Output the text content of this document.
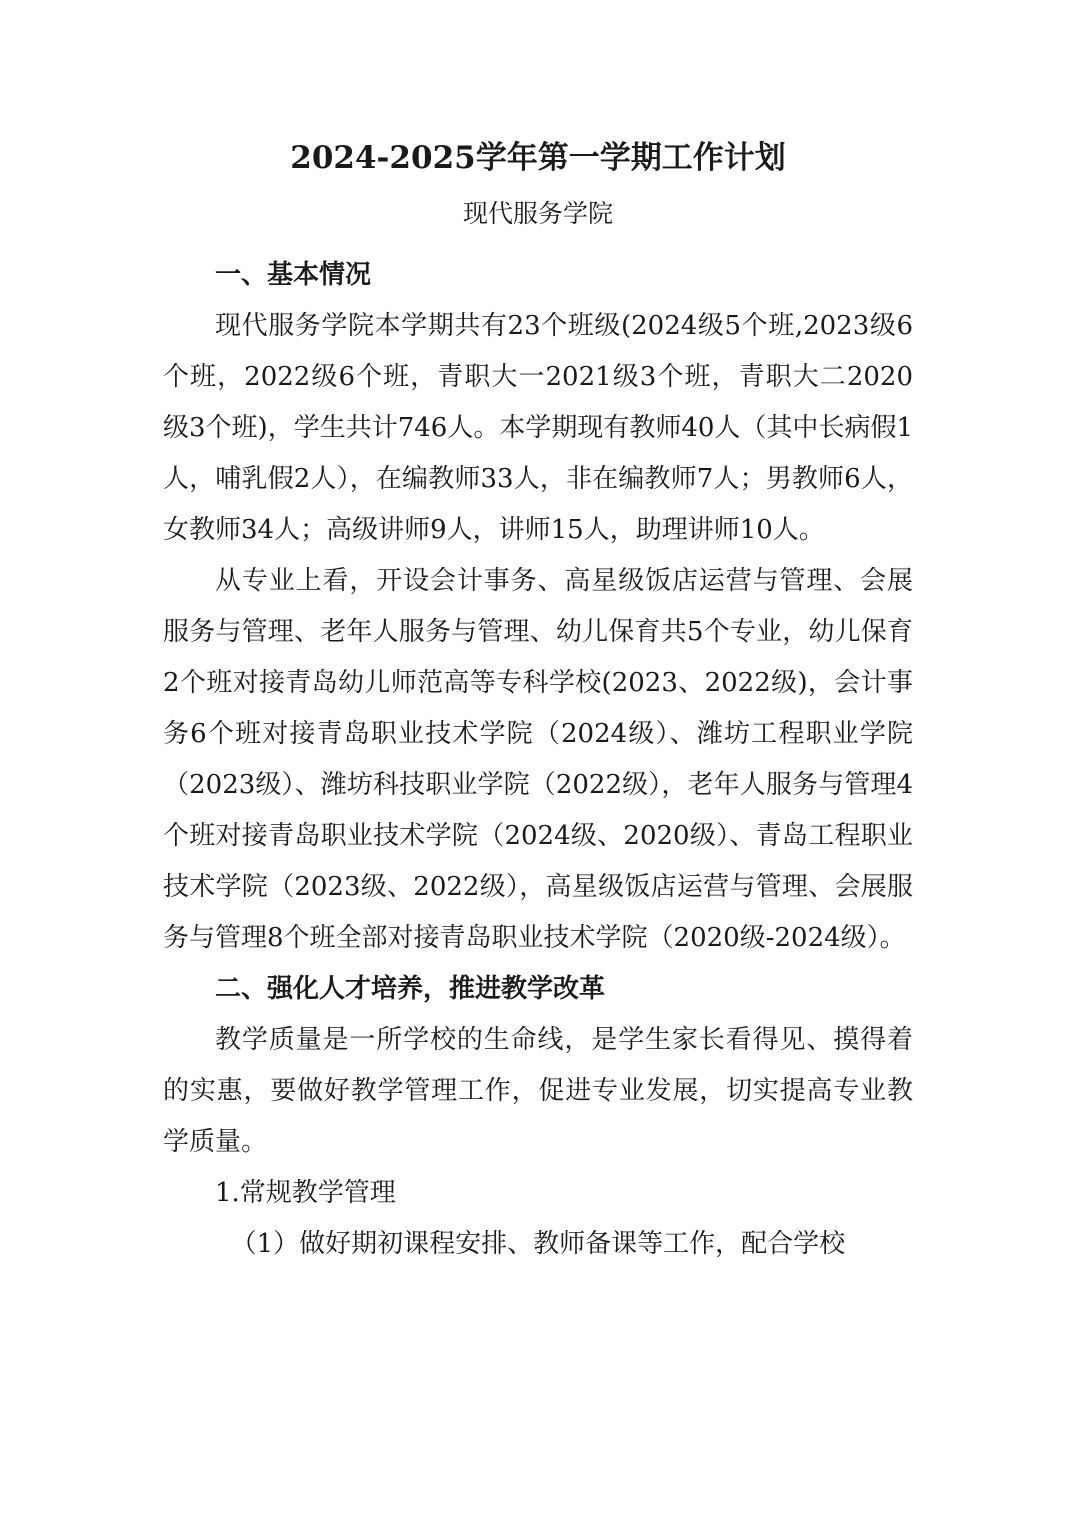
2024-2025学年第一学期工作计划
现代服务学院

一、基本情况

现代服务学院本学期共有23个班级(2024级5个班,2023级6个班，2022级6个班，青职大一2021级3个班，青职大二2020级3个班)，学生共计746人。本学期现有教师40人（其中长病假1人，哺乳假2人），在编教师33人，非在编教师7人；男教师6人，女教师34人；高级讲师9人，讲师15人，助理讲师10人。

从专业上看，开设会计事务、高星级饭店运营与管理、会展服务与管理、老年人服务与管理、幼儿保育共5个专业，幼儿保育2个班对接青岛幼儿师范高等专科学校(2023、2022级)，会计事务6个班对接青岛职业技术学院（2024级）、潍坊工程职业学院（2023级）、潍坊科技职业学院（2022级），老年人服务与管理4个班对接青岛职业技术学院（2024级、2020级）、青岛工程职业技术学院（2023级、2022级），高星级饭店运营与管理、会展服务与管理8个班全部对接青岛职业技术学院（2020级-2024级）。

二、强化人才培养，推进教学改革

教学质量是一所学校的生命线，是学生家长看得见、摸得着的实惠，要做好教学管理工作，促进专业发展，切实提高专业教学质量。

1.常规教学管理

（1）做好期初课程安排、教师备课等工作，配合学校
